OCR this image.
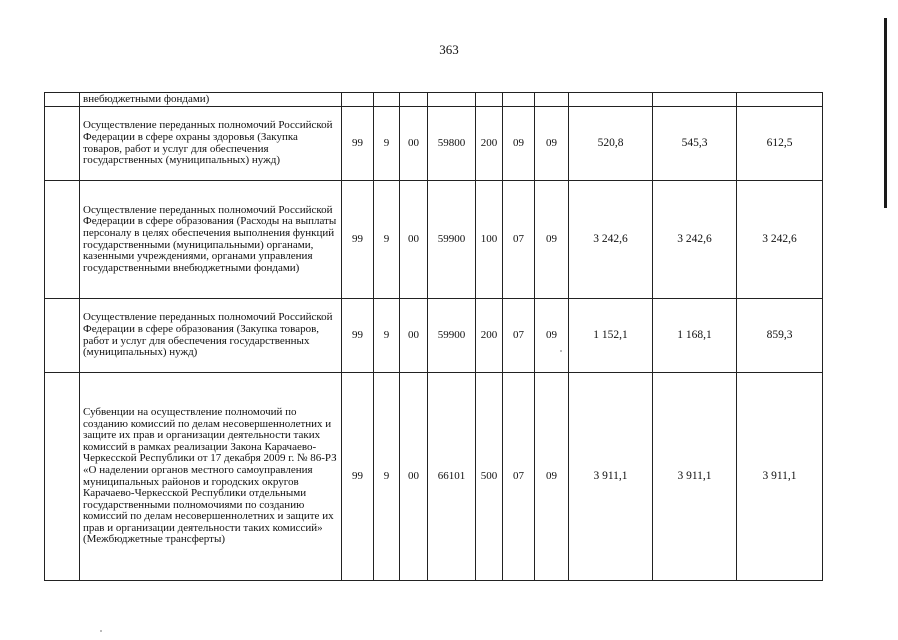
363
	внебюджетными фондами)										
	Осуществление переданных полномочий Российской Федерации в сфере охраны здоровья (Закупка товаров, работ и услуг для обеспечения государственных (муниципальных) нужд)	99	9	00	59800	200	09	09	520,8	545,3	612,5
	Осуществление переданных полномочий Российской Федерации в сфере образования (Расходы на выплаты персоналу в целях обеспечения выполнения функций государственными (муниципальными) органами, казенными учреждениями, органами управления государственными внебюджетными фондами)	99	9	00	59900	100	07	09	3 242,6	3 242,6	3 242,6
	Осуществление переданных полномочий Российской Федерации в сфере образования (Закупка товаров, работ и услуг для обеспечения государственных (муниципальных) нужд)	99	9	00	59900	200	07	09	1 152,1	1 168,1	859,3
	Субвенции на осуществление полномочий по созданию комиссий по делам несовершеннолетних и защите их прав и организации деятельности таких комиссий в рамках реализации Закона Карачаево-Черкесской Республики от 17 декабря 2009 г. № 86-РЗ «О наделении органов местного самоуправления муниципальных районов и городских округов Карачаево-Черкесской Республики отдельными государственными полномочиями по созданию комиссий по делам несовершеннолетних и защите их прав и организации деятельности таких комиссий» (Межбюджетные трансферты)	99	9	00	66101	500	07	09	3 911,1	3 911,1	3 911,1
